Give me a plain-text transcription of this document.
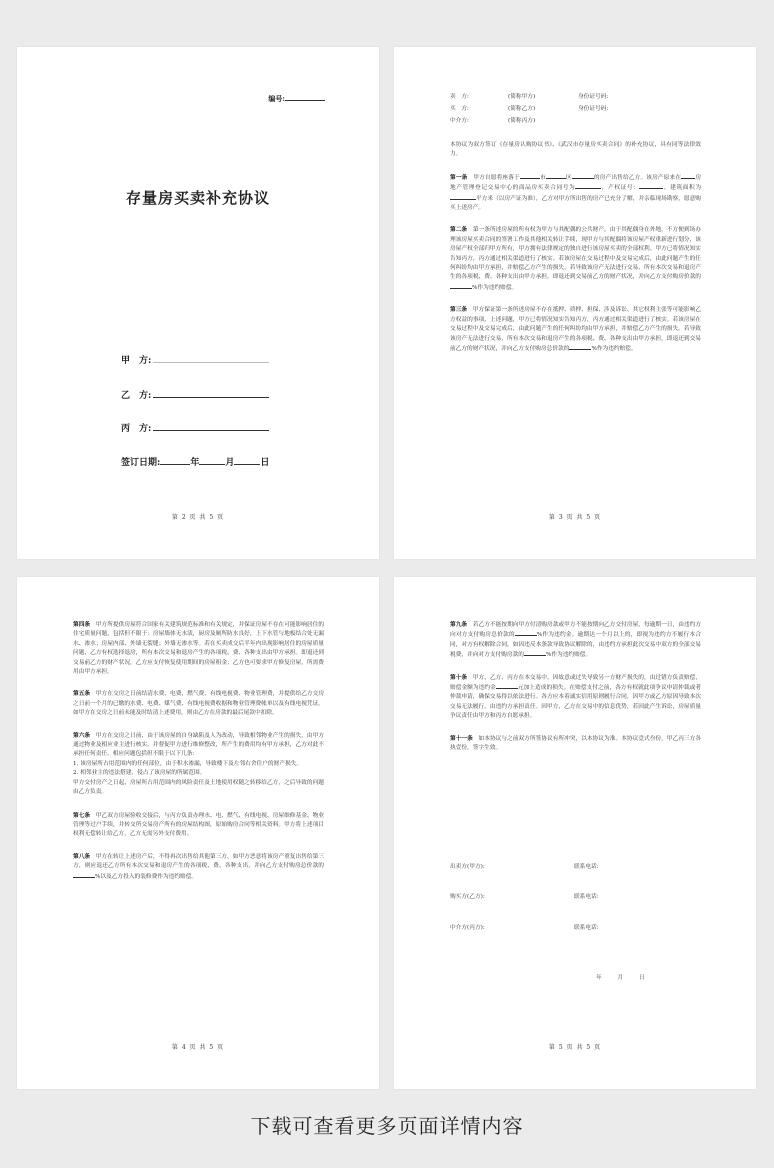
编号:
存量房买卖补充协议
甲　方:
乙　方:
丙　方:
签订日期:	年	月	日
第 2 页 共 5 页
卖　方:	(简称甲方)	身份证号码:
买　方:	(简称乙方)	身份证号码:
中介方:	(简称丙方)

本协议为双方签订《存量房认购协议书》、《武汉市存量房买卖合同》的补充协议，具有同等法律效力。

第一条　 甲方自愿将座落于	市	区	的房产出售给乙方。该房产原来在 房地产管理登记交易中心的商品房买卖合同号为	，产权证号：	，建筑面积为平方米（以房产证为准），乙方对甲方所出售的房产已充分了解，并亲临现场勘察，愿意购买上述房产。

第二条　 第一条所述房屋的所有权为甲方与其配偶的公共财产，由于其配偶身在外地，不方便到场办理该房屋买卖合同的签署工作及其他相关转让手续，现甲方与其配偶将该房屋产权重新进行划分，该房屋产权全部归甲方所有，甲方拥有法律规定的独自进行该房屋买卖的全部权利。甲方已将情况知实告知丙方，丙方通过相关渠道进行了核实。若该房屋在交易过程中及交易完成后，由此问题产生的任何纠纷均由甲方承担，并赔偿乙方产生的损失。若导致该房产无法进行交易，所有本次交易和退房产生的各项税、费、各种支出由甲方承担，即退还到交易前乙方的财产状况，并向乙方支付购房价款的%作为违约赔偿。

第三条　 甲方保证第一条所述房屋不存在抵押、质押、担保、涉及诉讼、其它权利主张等可能影响乙方权益的事项，上述问题，甲方已将情况知实告知丙方，丙方通过相关渠道进行了核实。若该房屋在交易过程中及交易完成后，由此问题产生的任何纠纷均由甲方承担，并赔偿乙方产生的损失。若导致该房产无法进行交易，所有本次交易和退房产生的各项税、费、各种支出由甲方承担，即退还到交易前乙方的财产状况，并向乙方支付购房总价款的	%作为违约赔偿。

第 3 页 共 5 页

第四条　 甲方所提供房屋符合国家有关建筑规范标准和有关规定，并保证房屋不存在可能影响居住的住宅质量问题，包括但不限于：房屋墙体无水渍，厨房及厕所防水良好，上下水管与地板结合处无漏水、渗水；房屋内部、外墙无裂缝；外墙无渗水等。若在买卖成交后半年内出现影响居住的房屋质量问题，乙方有权选择退房，所有本次交易和退房产生的各项税、费、各种支出由甲方承担。即退还到交易前乙方的财产状况，乙方应支付恢复使用期间的房屋租金；乙方也可要求甲方修复房屋，所需费用由甲方承担。

第五条　 甲方在交房之日前结清水费、电费、燃气费、有线电视费、物业管理费，并提供给乙方交房之日前一个月的已缴的水费、电费、煤气费、有线电视费收据和物业管理费帐单以及有线电视凭证。如甲方在交房之日前未能及时结清上述费用，则由乙方在房款的最后尾款中扣除。

第六条　 甲方在交房之日前，由于该房屋的自身缺陷及人为改动，导致相邻物业产生的损失，由甲方通过物业及相应业主进行核实，并督促甲方进行维修整改，所产生的费用均有甲方承担，乙方对此不承担任何责任。相应问题包括但不限于以下几条：
1. 该房屋所占用范围内的任何部位，由于积水渗漏，导致楼下及左邻右舍住户的财产损失。
2. 相邻业主的违法搭建，侵占了该房屋的所属范围。
甲方交付房产之日起，房屋所占用范围内的风险责任及土地使用权随之转移给乙方，之后导致的问题由乙方负责。

第七条　 甲乙双方房屋验收交接后，与丙方负责办理水、电、燃气、有线电视、房屋维修基金、物业管理等过户手续，并转交所交易房产所有的房屋结构图，原始购房合同等相关资料。甲方将上述项目权利无偿转让给乙方，乙方无需另外支付费用。

第八条　 甲方在转让上述房产后，不得再次出售给其他第三方，如甲方恶意将该房产重复出售给第三方，则应退还乙方所有本次交易和退房产生的各项税、费、各种支出，并向乙方支付购房总价款的%以及乙方投入的装修费作为违约赔偿。

第 4 页 共 5 页

第九条　 若乙方不能按期向甲方付清购房款或甲方不能按期向乙方交付房屋，每逾期一日，由违约方向对方支付购房总价款的	%作为违约金。逾期达一个月以上的，即视为违约方不履行本合同，对方有权解除合同，如因违反本条款导致协议解除的，由违约方承担此次交易中双方的全部交易税费，并向对方支付购房款的	%作为违约赔偿。

第十条　 甲方、乙方、丙方在本交易中，因故意或过失导致另一方财产损失的，由过错方负责赔偿，赔偿金额为违约金	元加上造成的损失。在赔偿支付之前，各方有权就此项争议申请仲裁或者仲裁申请，确保交易得以依法进行。各方应本着诚实信用原则履行合同，因甲方或乙方原因导致本次交易无法履行，由违约方承担责任。因甲方、乙方在交易中的信息优势，若因此产生诉讼，房屋质量争议责任由甲方和丙方自愿承担。

第十一条　 如本协议与之前双方所签协议有所冲突，以本协议为准。本协议壹式叁份，甲乙丙三方各执壹份，签字生效。

出卖方(甲方):	联系电话:
购买方(乙方):	联系电话:
中介方(丙方):	联系电话:
年 月 日
第 5 页 共 5 页
下载可查看更多页面详情内容
